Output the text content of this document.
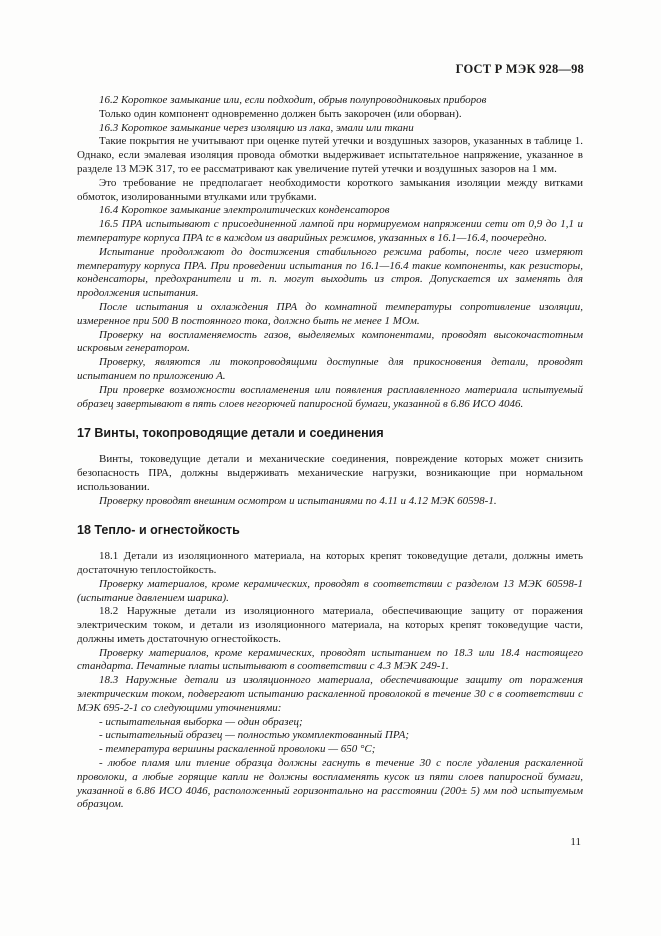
ГОСТ Р МЭК 928—98

16.2 Короткое замыкание или, если подходит, обрыв полупроводниковых приборов

Только один компонент одновременно должен быть закорочен (или оборван).

16.3 Короткое замыкание через изоляцию из лака, эмали или ткани

Такие покрытия не учитывают при оценке путей утечки и воздушных зазоров, указанных в таблице 1. Однако, если эмалевая изоляция провода обмотки выдерживает испытательное напряжение, указанное в разделе 13 МЭК 317, то ее рассматривают как увеличение путей утечки и воздушных зазоров на 1 мм.

Это требование не предполагает необходимости короткого замыкания изоляции между витками обмоток, изолированными втулками или трубками.

16.4 Короткое замыкание электролитических конденсаторов

16.5 ПРА испытывают с присоединенной лампой при нормируемом напряжении сети от 0,9 до 1,1 и температуре корпуса ПРА tc в каждом из аварийных режимов, указанных в 16.1—16.4, поочередно.

Испытание продолжают до достижения стабильного режима работы, после чего измеряют температуру корпуса ПРА. При проведении испытания по 16.1—16.4 такие компоненты, как резисторы, конденсаторы, предохранители и т. п. могут выходить из строя. Допускается их заменять для продолжения испытания.

После испытания и охлаждения ПРА до комнатной температуры сопротивление изоляции, измеренное при 500 В постоянного тока, должно быть не менее 1 МОм.

Проверку на воспламеняемость газов, выделяемых компонентами, проводят высокочастотным искровым генератором.

Проверку, являются ли токопроводящими доступные для прикосновения детали, проводят испытанием по приложению А.

При проверке возможности воспламенения или появления расплавленного материала испытуемый образец завертывают в пять слоев негорючей папиросной бумаги, указанной в 6.86 ИСО 4046.

17 Винты, токопроводящие детали и соединения

Винты, токоведущие детали и механические соединения, повреждение которых может снизить безопасность ПРА, должны выдерживать механические нагрузки, возникающие при нормальном использовании.

Проверку проводят внешним осмотром и испытаниями по 4.11 и 4.12 МЭК 60598-1.

18 Тепло- и огнестойкость

18.1 Детали из изоляционного материала, на которых крепят токоведущие детали, должны иметь достаточную теплостойкость.

Проверку материалов, кроме керамических, проводят в соответствии с разделом 13 МЭК 60598-1 (испытание давлением шарика).

18.2 Наружные детали из изоляционного материала, обеспечивающие защиту от поражения электрическим током, и детали из изоляционного материала, на которых крепят токоведущие части, должны иметь достаточную огнестойкость.

Проверку материалов, кроме керамических, проводят испытанием по 18.3 или 18.4 настоящего стандарта. Печатные платы испытывают в соответствии с 4.3 МЭК 249-1.

18.3 Наружные детали из изоляционного материала, обеспечивающие защиту от поражения электрическим током, подвергают испытанию раскаленной проволокой в течение 30 с в соответствии с МЭК 695-2-1 со следующими уточнениями:

- испытательная выборка — один образец;

- испытательный образец — полностью укомплектованный ПРА;

- температура вершины раскаленной проволоки — 650 °С;

- любое пламя или тление образца должны гаснуть в течение 30 с после удаления раскаленной проволоки, а любые горящие капли не должны воспламенять кусок из пяти слоев папиросной бумаги, указанной в 6.86 ИСО 4046, расположенный горизонтально на расстоянии (200± 5) мм под испытуемым образцом.

11
